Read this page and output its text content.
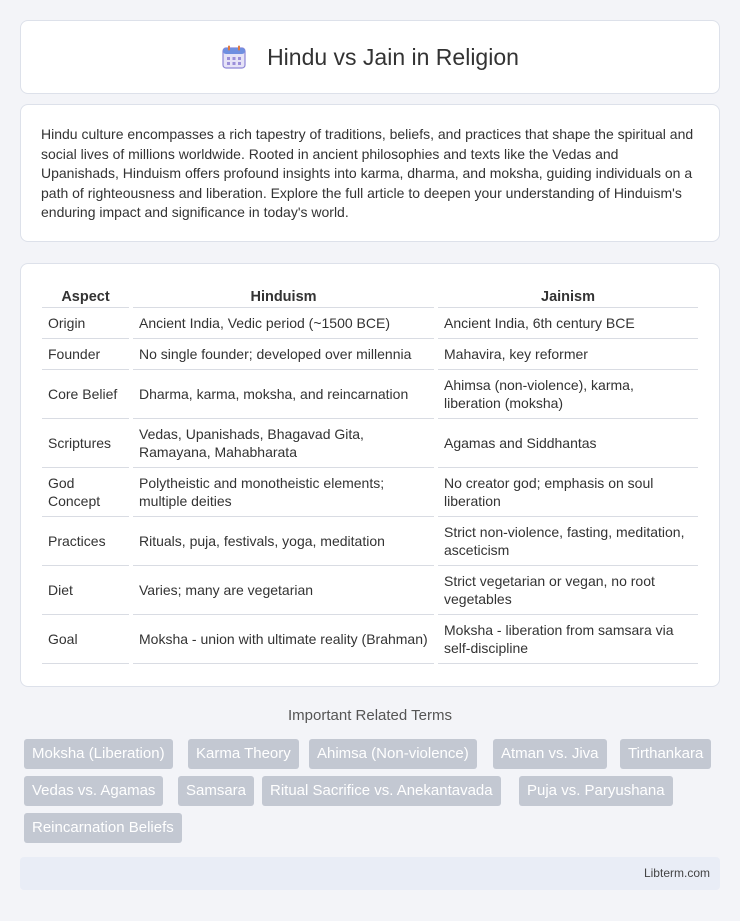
Hindu vs Jain in Religion

Hindu culture encompasses a rich tapestry of traditions, beliefs, and practices that shape the spiritual and social lives of millions worldwide. Rooted in ancient philosophies and texts like the Vedas and Upanishads, Hinduism offers profound insights into karma, dharma, and moksha, guiding individuals on a path of righteousness and liberation. Explore the full article to deepen your understanding of Hinduism's enduring impact and significance in today's world.

Aspect	Hinduism	Jainism
Origin	Ancient India, Vedic period (~1500 BCE)	Ancient India, 6th century BCE
Founder	No single founder; developed over millennia	Mahavira, key reformer
Core Belief	Dharma, karma, moksha, and reincarnation	Ahimsa (non-violence), karma, liberation (moksha)
Scriptures	Vedas, Upanishads, Bhagavad Gita, Ramayana, Mahabharata	Agamas and Siddhantas
God Concept	Polytheistic and monotheistic elements; multiple deities	No creator god; emphasis on soul liberation
Practices	Rituals, puja, festivals, yoga, meditation	Strict non-violence, fasting, meditation, asceticism
Diet	Varies; many are vegetarian	Strict vegetarian or vegan, no root vegetables
Goal	Moksha - union with ultimate reality (Brahman)	Moksha - liberation from samsara via self-discipline
Important Related Terms
Moksha (Liberation)	Karma Theory	Ahimsa (Non-violence)	Atman vs. Jiva	Tirthankara
Vedas vs. Agamas	Samsara	Ritual Sacrifice vs. Anekantavada	Puja vs. Paryushana
Reincarnation Beliefs
Libterm.com
